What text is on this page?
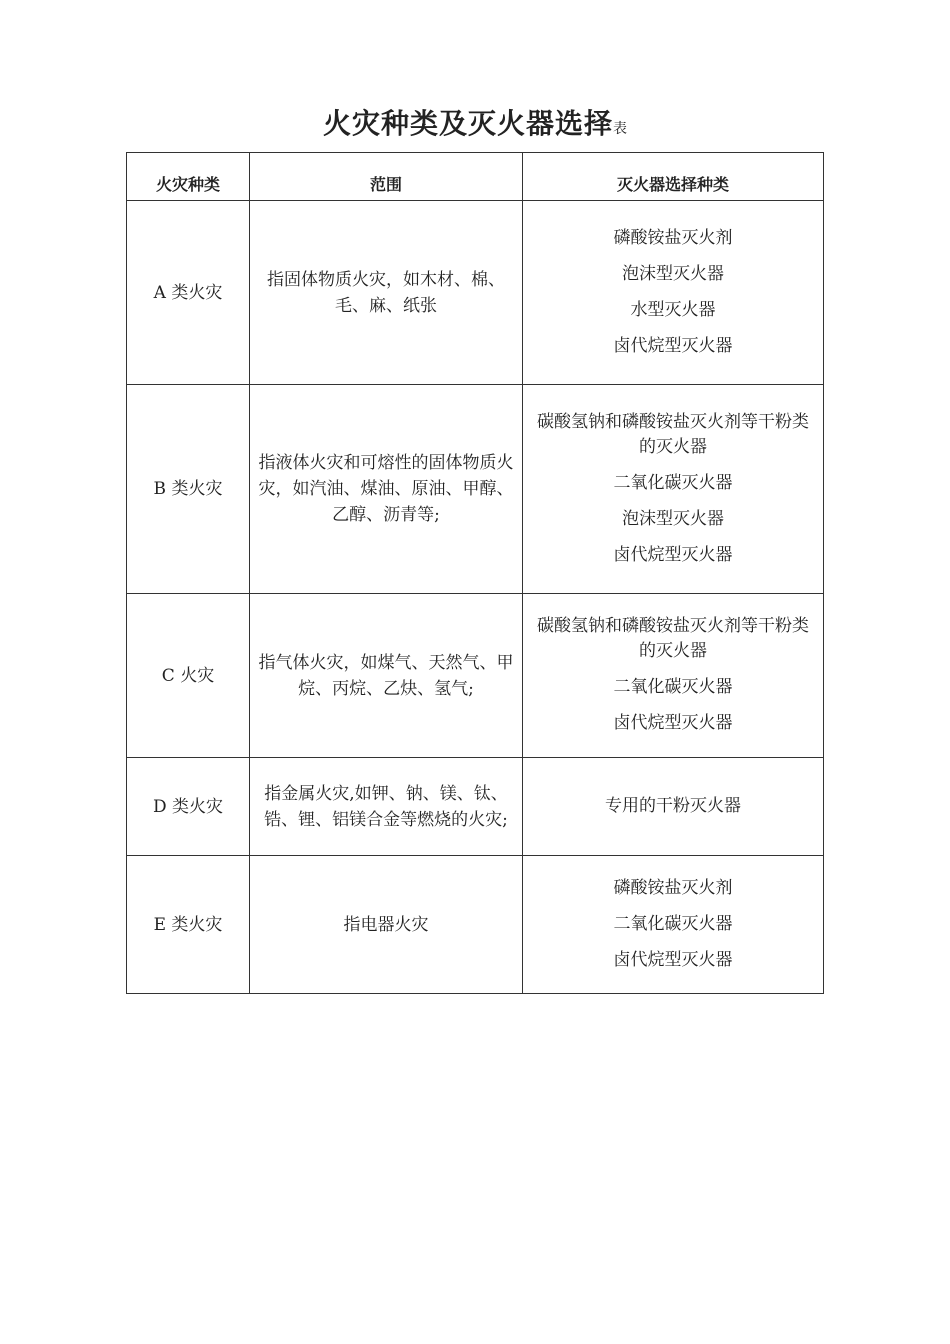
火灾种类及灭火器选择表
火灾种类	范围	灭火器选择种类
A 类火灾	指固体物质火灾，如木材、棉、毛、麻、纸张	磷酸铵盐灭火剂
泡沫型灭火器
水型灭火器
卤代烷型灭火器

B 类火灾	指液体火灾和可熔性的固体物质火灾，如汽油、煤油、原油、甲醇、乙醇、沥青等;	碳酸氢钠和磷酸铵盐灭火剂等干粉类的灭火器
二氧化碳灭火器
泡沫型灭火器
卤代烷型灭火器

C 火灾	指气体火灾，如煤气、天然气、甲烷、丙烷、乙炔、氢气;	碳酸氢钠和磷酸铵盐灭火剂等干粉类的灭火器
二氧化碳灭火器
卤代烷型灭火器

D 类火灾	指金属火灾,如钾、钠、镁、钛、锆、锂、铝镁合金等燃烧的火灾;	专用的干粉灭火器

E 类火灾	指电器火灾	磷酸铵盐灭火剂
二氧化碳灭火器
卤代烷型灭火器
